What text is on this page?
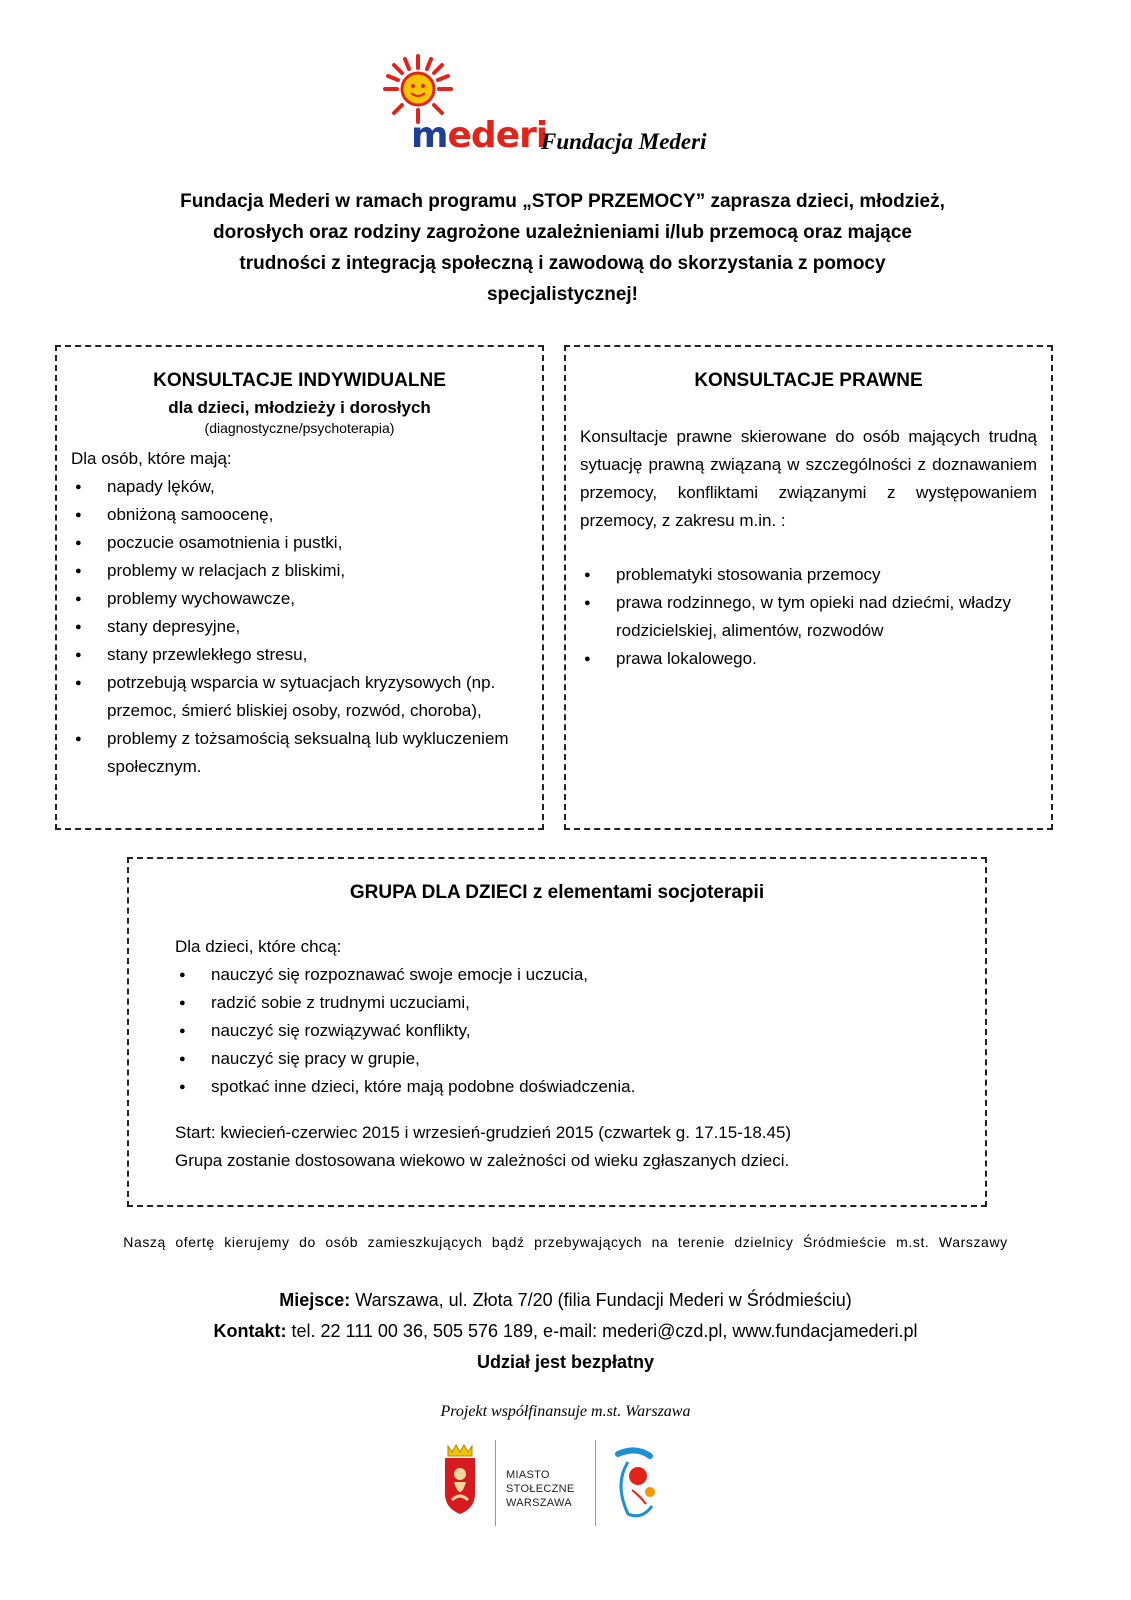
mederi
Fundacja Mederi
Fundacja Mederi w ramach programu „STOP PRZEMOCY” zaprasza dzieci, młodzież,
dorosłych oraz rodziny zagrożone uzależnieniami i/lub przemocą oraz mające
trudności z integracją społeczną i zawodową do skorzystania z pomocy
specjalistycznej!
KONSULTACJE INDYWIDUALNE
dla dzieci, młodzieży i dorosłych
(diagnostyczne/psychoterapia)
Dla osób, które mają:
● napady lęków,
● obniżoną samoocenę,
● poczucie osamotnienia i pustki,
● problemy w relacjach z bliskimi,
● problemy wychowawcze,
● stany depresyjne,
● stany przewlekłego stresu,
● potrzebują wsparcia w sytuacjach kryzysowych (np. przemoc, śmierć bliskiej osoby, rozwód, choroba),
● problemy z tożsamością seksualną lub wykluczeniem społecznym.
KONSULTACJE PRAWNE
Konsultacje prawne skierowane do osób mających trudną sytuację prawną związaną w szczególności z doznawaniem przemocy, konfliktami związanymi z występowaniem przemocy, z zakresu m.in. :
● problematyki stosowania przemocy
● prawa rodzinnego, w tym opieki nad dziećmi, władzy rodzicielskiej, alimentów, rozwodów
● prawa lokalowego.
GRUPA DLA DZIECI z elementami socjoterapii
Dla dzieci, które chcą:
● nauczyć się rozpoznawać swoje emocje i uczucia,
● radzić sobie z trudnymi uczuciami,
● nauczyć się rozwiązywać konflikty,
● nauczyć się pracy w grupie,
● spotkać inne dzieci, które mają podobne doświadczenia.
Start: kwiecień-czerwiec 2015 i wrzesień-grudzień 2015 (czwartek g. 17.15-18.45)
Grupa zostanie dostosowana wiekowo w zależności od wieku zgłaszanych dzieci.
Naszą ofertę kierujemy do osób zamieszkujących bądź przebywających na terenie dzielnicy Śródmieście m.st. Warszawy
Miejsce: Warszawa, ul. Złota 7/20 (filia Fundacji Mederi w Śródmieściu)
Kontakt: tel. 22 111 00 36, 505 576 189, e-mail: mederi@czd.pl, www.fundacjamederi.pl
Udział jest bezpłatny
Projekt współfinansuje m.st. Warszawa
MIASTO
STOŁECZNE
WARSZAWA
